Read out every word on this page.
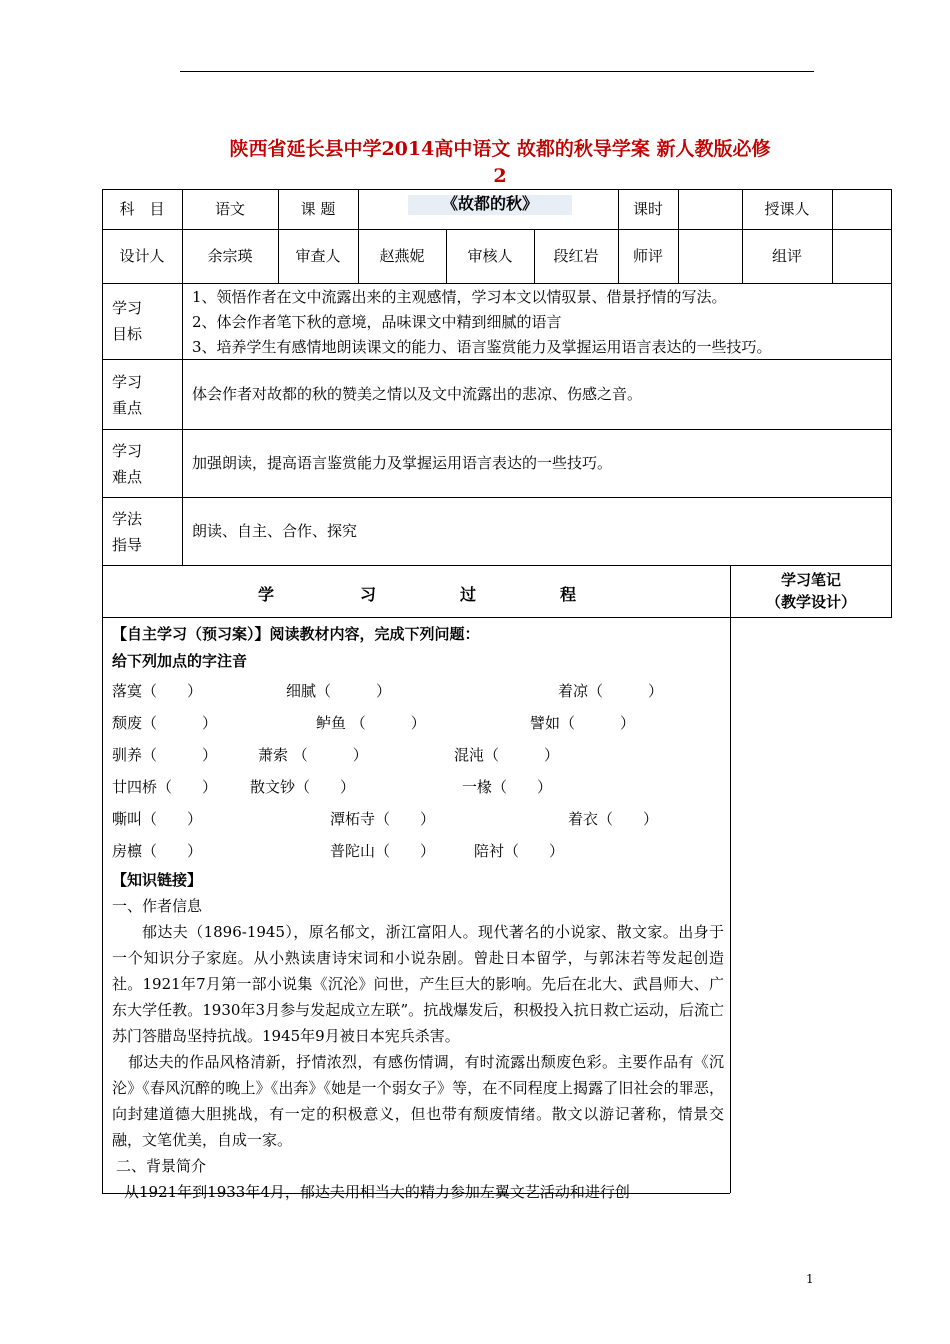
陕西省延长县中学2014高中语文 故都的秋导学案 新人教版必修
2
科　目	语文	课 题	《故都的秋》	课时	授课人
设计人	余宗瑛	审查人	赵燕妮	审核人	段红岩	师评	组评
学习
目标
1、领悟作者在文中流露出来的主观感情，学习本文以情驭景、借景抒情的写法。
2、体会作者笔下秋的意境，品味课文中精到细腻的语言
3、培养学生有感情地朗读课文的能力、语言鉴赏能力及掌握运用语言表达的一些技巧。
学习
重点
体会作者对故都的秋的赞美之情以及文中流露出的悲凉、伤感之音。
学习
难点
加强朗读，提高语言鉴赏能力及掌握运用语言表达的一些技巧。
学法
指导
朗读、自主、合作、探究
学	习	过	程
学习笔记
（教学设计）
【自主学习（预习案）】阅读教材内容，完成下列问题：
给下列加点的字注音
落寞（　　）	细腻（　　　）	着凉（　　　）
颓废（　　　）	鲈鱼 （　　　）	譬如（　　　）
驯养（　　　）	萧索 （　　　）	混沌（　　　）
廿四桥（　　） 散文钞（　　）	一椽（　　）
嘶叫（　　）	潭柘寺（　　）	着衣（　　）
房檩（　　）	普陀山（　　）	陪衬（　　）
【知识链接】
一、作者信息

郁达夫（1896-1945），原名郁文，浙江富阳人。现代著名的小说家、散文家。出身于一个知识分子家庭。从小熟读唐诗宋词和小说杂剧。曾赴日本留学，与郭沫若等发起创造社。1921年7月第一部小说集《沉沦》问世，产生巨大的影响。先后在北大、武昌师大、广东大学任教。1930年3月参与发起成立左联”。抗战爆发后，积极投入抗日救亡运动，后流亡苏门答腊岛坚持抗战。1945年9月被日本宪兵杀害。

郁达夫的作品风格清新，抒情浓烈，有感伤情调，有时流露出颓废色彩。主要作品有《沉沦》《春风沉醉的晚上》《出奔》《她是一个弱女子》等，在不同程度上揭露了旧社会的罪恶，向封建道德大胆挑战，有一定的积极意义，但也带有颓废情绪。散文以游记著称，情景交融，文笔优美，自成一家。

二、背景简介

从1921年到1933年4月，郁达夫用相当大的精力参加左翼文艺活动和进行创

1
